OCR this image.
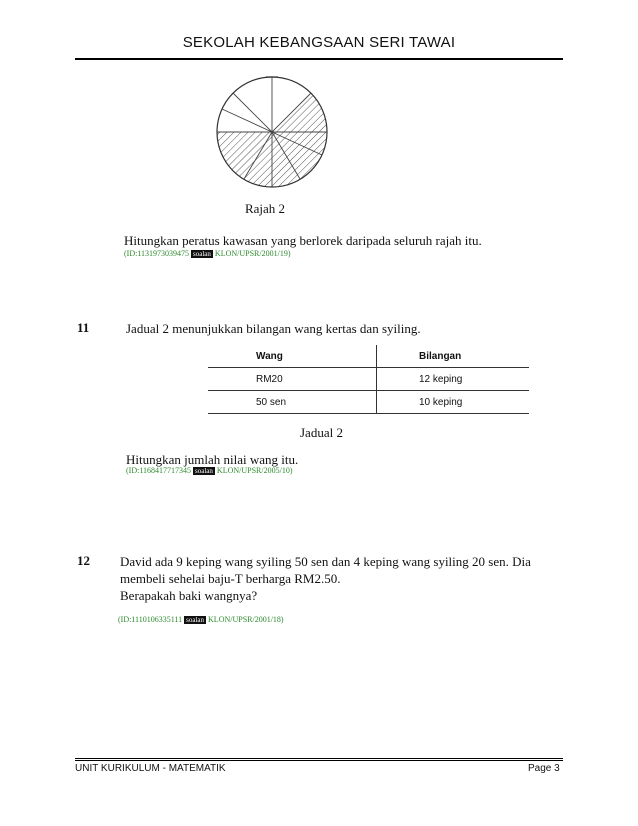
SEKOLAH KEBANGSAAN SERI TAWAI
Rajah 2
Hitungkan peratus kawasan yang berlorek daripada seluruh rajah itu.
(ID:1131973039475 soalan KLON/UPSR/2001/19)
11	Jadual 2 menunjukkan bilangan wang kertas dan syiling.
Wang	Bilangan
RM20	12 keping
50 sen	10 keping
Jadual 2
Hitungkan jumlah nilai wang itu.
(ID:1168417717345 soalan KLON/UPSR/2005/10)
12 David ada 9 keping wang syiling 50 sen dan 4 keping wang syiling 20 sen. Dia
membeli sehelai baju-T berharga RM2.50.
Berapakah baki wangnya?
(ID:1110106335111 soalan KLON/UPSR/2001/18)
UNIT KURIKULUM - MATEMATIK	Page 3
